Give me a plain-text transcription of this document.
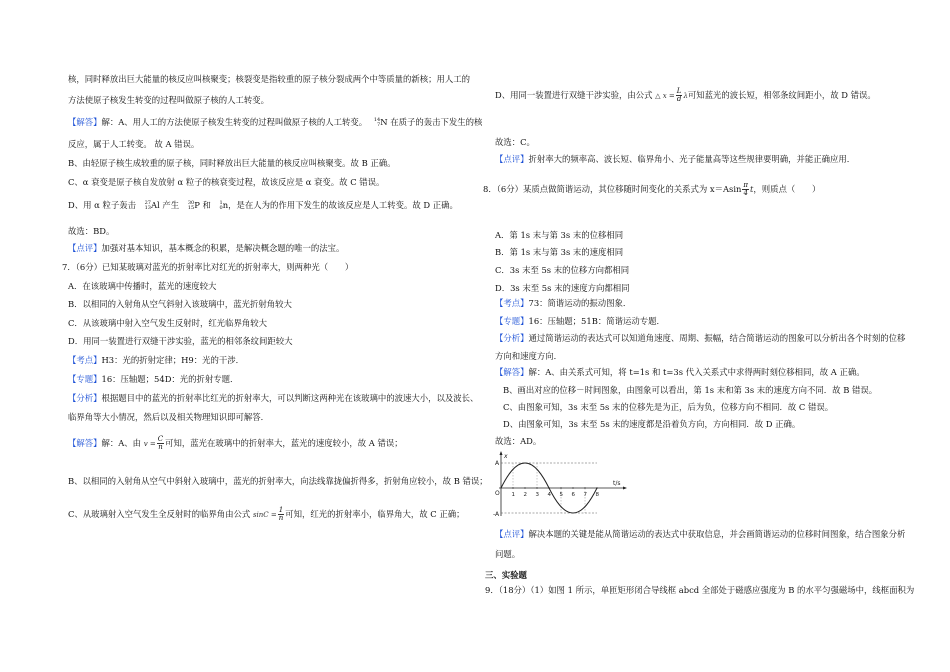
核，同时释放出巨大能量的核反应叫核聚变；核裂变是指较重的原子核分裂成两个中等质量的新核；用人工的
方法使原子核发生转变的过程叫做原子核的人工转变。
【解答】解：A、用人工的方法使原子核发生转变的过程叫做原子核的人工转变。 14
7 N 在质子的轰击下发生的核
反应，属于人工转变。 故 A 错误。
B、由轻原子核生成较重的原子核，同时释放出巨大能量的核反应叫核聚变。故 B 正确。
C、α 衰变是原子核自发放射 α 粒子的核衰变过程，故该反应是 α 衰变。故 C 错误。
D、用 α 粒子轰击 27
13 Al 产生 30
15 P 和 1
0 n，是在人为的作用下发生的故该反应是人工转变。故 D 正确。
故选：BD。
【点评】加强对基本知识，基本概念的积累，是解决概念题的唯一的法宝。
7．（6分）已知某玻璃对蓝光的折射率比对红光的折射率大，则两种光（　　）
A．在该玻璃中传播时，蓝光的速度较大
B．以相同的入射角从空气斜射入该玻璃中，蓝光折射角较大
C．从该玻璃中射入空气发生反射时，红光临界角较大
D．用同一装置进行双缝干涉实验，蓝光的相邻条纹间距较大
【考点】H3：光的折射定律；H9：光的干涉．
【专题】16：压轴题；54D：光的折射专题．
【分析】根据题目中的蓝光的折射率比红光的折射率大，可以判断这两种光在该玻璃中的波速大小，以及波长、
临界角等大小情况，然后以及相关物理知识即可解答．
【解答】解：A、由 $v = \frac{C}{n}$ 可知，蓝光在玻璃中的折射率大，蓝光的速度较小，故 A 错误；
B、以相同的入射角从空气中斜射入玻璃中，蓝光的折射率大，向法线靠拢偏折得多，折射角应较小，故 B 错误；
C、从玻璃射入空气发生全反射时的临界角由公式 $\sin C = \frac{1}{n}$ 可知，红光的折射率小，临界角大，故 C 正确；
D、用同一装置进行双缝干涉实验，由公式 △ $x = \frac{L}{d}$ λ可知蓝光的波长短，相邻条纹间距小，故 D 错误。
故选：C。
【点评】折射率大的频率高、波长短、临界角小、光子能量高等这些规律要明确，并能正确应用．
8．（6分）某质点做简谐运动，其位移随时间变化的关系式为 $x=Asin \frac{\pi}{4}$ t，则质点（　　）
A．第 1s 末与第 3s 末的位移相同
B．第 1s 末与第 3s 末的速度相同
C．3s 末至 5s 末的位移方向都相同
D．3s 末至 5s 末的速度方向都相同
【考点】73：简谐运动的振动图象．
【专题】16：压轴题；51B：简谐运动专题．
【分析】通过简谐运动的表达式可以知道角速度、周期、振幅，结合简谐运动的图象可以分析出各个时刻的位移
方向和速度方向．
【解答】解：A、由关系式可知，将 t=1s 和 t=3s 代入关系式中求得两时刻位移相同，故 A 正确。
B、画出对应的位移－时间图象，由图象可以看出，第 1s 末和第 3s 末的速度方向不同．故 B 错误。
C、由图象可知，3s 末至 5s 末的位移先是为正，后为负，位移方向不相同．故 C 错误。
D、由图象可知，3s 末至 5s 末的速度都是沿着负方向，方向相同．故 D 正确。
故选：AD。
A
-A
x
O
t/s
1 2 3 4 5 6 7 8
【点评】解决本题的关键是能从简谐运动的表达式中获取信息，并会画简谐运动的位移时间图象，结合图象分析
问题。
三、实验题
9．（18分）（1）如图 1 所示，单匝矩形闭合导线框 abcd 全部处于磁感应强度为 B 的水平匀强磁场中，线框面积为
